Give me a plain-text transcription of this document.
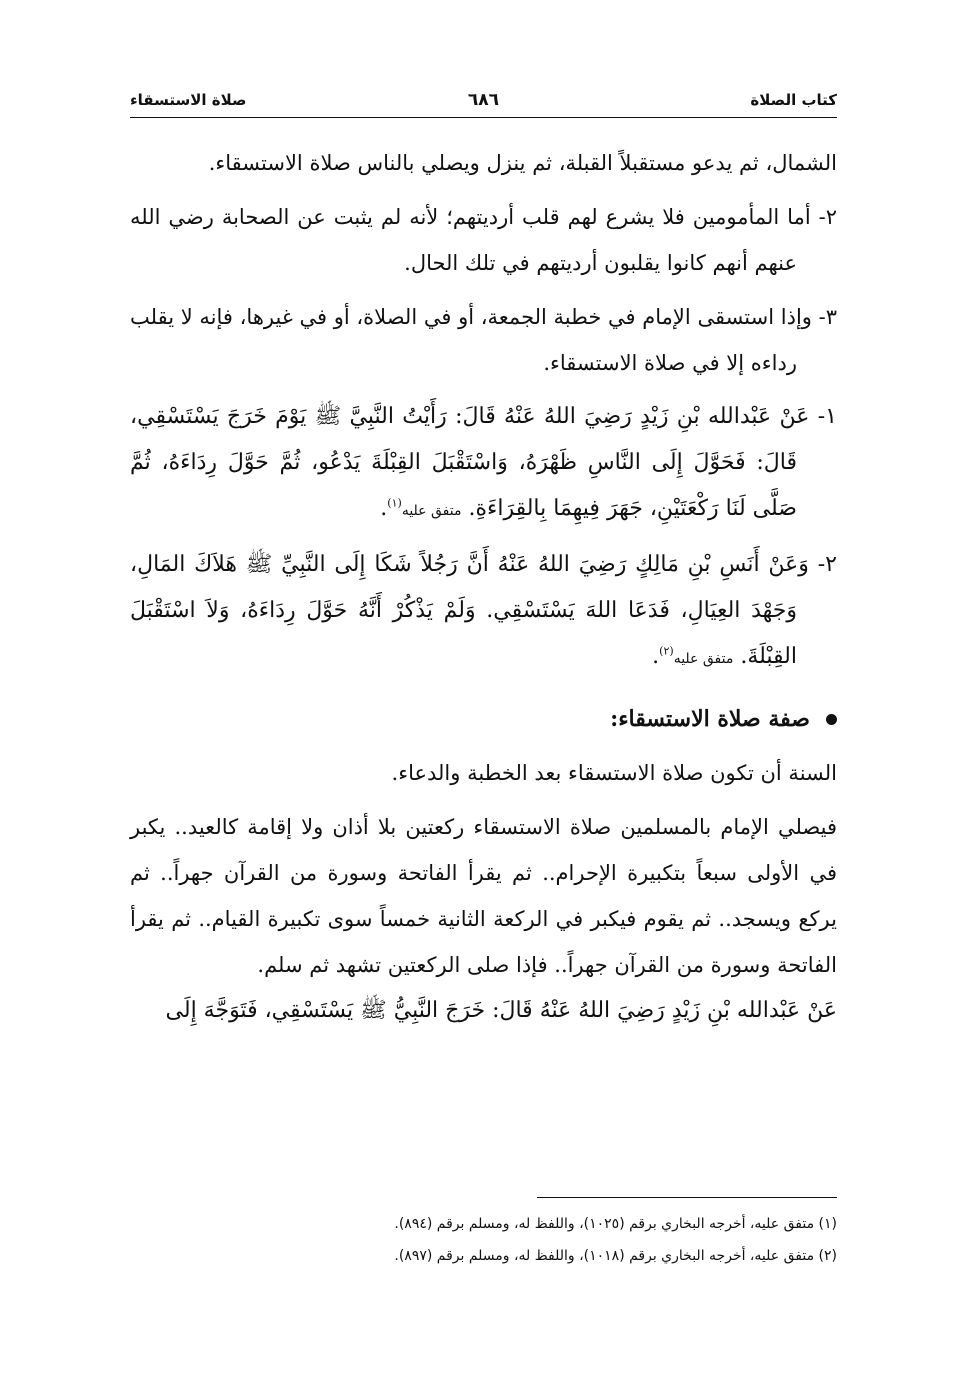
كتاب الصلاة
٦٨٦
صلاة الاستسقاء

الشمال، ثم يدعو مستقبلاً القبلة، ثم ينزل ويصلي بالناس صلاة الاستسقاء.

٢- أما المأمومين فلا يشرع لهم قلب أرديتهم؛ لأنه لم يثبت عن الصحابة رضي الله عنهم أنهم كانوا يقلبون أرديتهم في تلك الحال.

٣- وإذا استسقى الإمام في خطبة الجمعة، أو في الصلاة، أو في غيرها، فإنه لا يقلب رداءه إلا في صلاة الاستسقاء.

١- عَنْ عَبْدالله بْنِ زَيْدٍ رَضِيَ اللهُ عَنْهُ قَالَ: رَأَيْتُ النَّبِيَّ ﷺ يَوْمَ خَرَجَ يَسْتَسْقِي، قَالَ: فَحَوَّلَ إِلَى النَّاسِ ظَهْرَهُ، وَاسْتَقْبَلَ القِبْلَةَ يَدْعُو، ثُمَّ حَوَّلَ رِدَاءَهُ، ثُمَّ صَلَّى لَنَا رَكْعَتَيْنِ، جَهَرَ فِيهِمَا بِالقِرَاءَةِ. متفق عليه$^{(١)}$.

٢- وَعَنْ أَنَسِ بْنِ مَالِكٍ رَضِيَ اللهُ عَنْهُ أَنَّ رَجُلاً شَكَا إِلَى النَّبِيِّ ﷺ هَلاَكَ المَالِ، وَجَهْدَ العِيَالِ، فَدَعَا اللهَ يَسْتَسْقِي. وَلَمْ يَذْكُرْ أَنَّهُ حَوَّلَ رِدَاءَهُ، وَلاَ اسْتَقْبَلَ القِبْلَةَ. متفق عليه$^{(٢)}$.

صفة صلاة الاستسقاء:

السنة أن تكون صلاة الاستسقاء بعد الخطبة والدعاء.

فيصلي الإمام بالمسلمين صلاة الاستسقاء ركعتين بلا أذان ولا إقامة كالعيد.. يكبر في الأولى سبعاً بتكبيرة الإحرام.. ثم يقرأ الفاتحة وسورة من القرآن جهراً.. ثم يركع ويسجد.. ثم يقوم فيكبر في الركعة الثانية خمساً سوى تكبيرة القيام.. ثم يقرأ الفاتحة وسورة من القرآن جهراً.. فإذا صلى الركعتين تشهد ثم سلم.

عَنْ عَبْدالله بْنِ زَيْدٍ رَضِيَ اللهُ عَنْهُ قَالَ: خَرَجَ النَّبِيُّ ﷺ يَسْتَسْقِي، فَتَوَجَّهَ إِلَى

(١) متفق عليه، أخرجه البخاري برقم (١٠٢٥)، واللفظ له، ومسلم برقم (٨٩٤).

(٢) متفق عليه، أخرجه البخاري برقم (١٠١٨)، واللفظ له، ومسلم برقم (٨٩٧).
